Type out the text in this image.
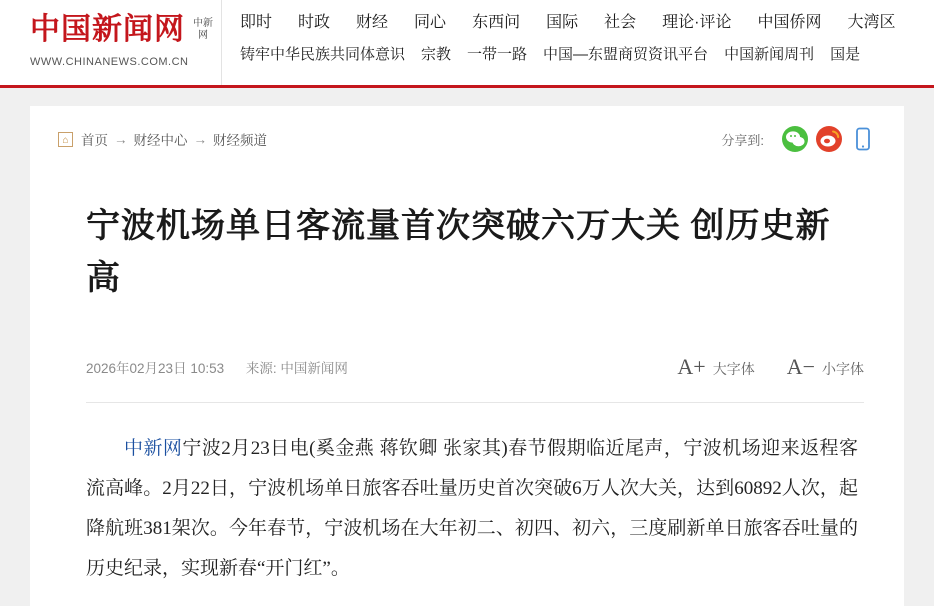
中国新闻网 中新
网
WWW.CHINANEWS.COM.CN
即时 时政 财经 同心 东西问 国际 社会 理论·评论 中国侨网 大湾区
铸牢中华民族共同体意识 宗教 一带一路 中国—东盟商贸资讯平台 中国新闻周刊 国是
⌂ 首页 → 财经中心 → 财经频道	分享到:
宁波机场单日客流量首次突破六万大关 创历史新高
2026年02月23日 10:53 来源: 中国新闻网	A+ 大字体 A− 小字体

中新网宁波2月23日电(奚金燕 蒋钦卿 张家其)春节假期临近尾声，宁波机场迎来返程客流高峰。2月22日，宁波机场单日旅客吞吐量历史首次突破6万人次大关，达到60892人次，起降航班381架次。今年春节，宁波机场在大年初二、初四、初六，三度刷新单日旅客吞吐量的历史纪录，实现新春“开门红”。
